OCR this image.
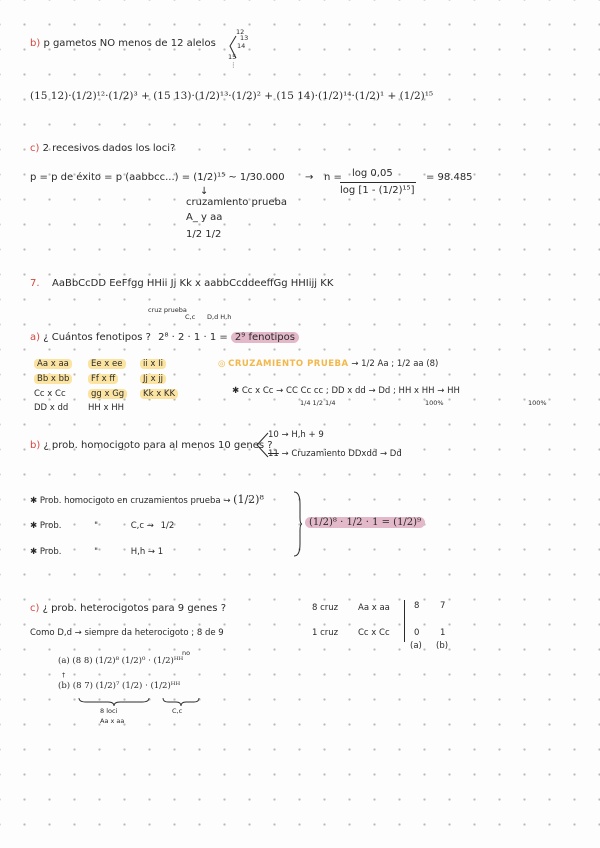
b) p gametos NO menos de 12 alelos
12
13
14
15
⋮
(15 12)·(1/2)¹²·(1/2)³ + (15 13)·(1/2)¹³·(1/2)² + (15 14)·(1/2)¹⁴·(1/2)¹ + (1/2)¹⁵
c) 2 recesivos dados los loci?
p = p de éxito = p (aabbcc...) = (1/2)¹⁵ ~ 1/30.000
↓
cruzamiento prueba
A_ y aa
1/2 1/2
→ n = log 0,05
log [1 - (1/2)¹⁵]
= 98.485
7. AaBbCcDD EeFfgg HHii Jj Kk x aabbCcddeeffGg HHIijj KK
cruz prueba
C,c D,d H,h
a) ¿ Cuántos fenotipos ? 2⁸ · 2 · 1 · 1 = 2⁹ fenotipos
Aa x aa	Ee x ee	ii x Ii
Bb x bb	Ff x ff	Jj x jj
Cc x Cc	gg x Gg	Kk x KK
DD x dd HH x HH
◎ CRUZAMIENTO PRUEBA → 1/2 Aa ; 1/2 aa (8)
✱ Cc x Cc → CC Cc cc ; DD x dd → Dd ; HH x HH → HH
1/4 1/2 1/4	100%	100%
b) ¿ prob. homocigoto para al menos 10 genes ?
10 → H,h + 9
11 → Cruzamiento DDxdd → Dd
✱ Prob. homocigoto en cruzamientos prueba → (1/2)⁸
✱ Prob.	"	C,c → 1/2
✱ Prob.	"	H,h → 1
(1/2)⁸ · 1/2 · 1 = (1/2)⁹
c) ¿ prob. heterocigotos para 9 genes ?
Como D,d → siempre da heterocigoto ; 8 de 9
8 cruz Aa x aa	8 7
1 cruz Cc x Cc	0 1
(a) (b)
no
(a) (8 8) (1/2)⁸ (1/2)⁰ · (1/2)ᴴᴴ
†
(b) (8 7) (1/2)⁷ (1/2) · (1/2)ᴴᴴ
8 loci
Aa x aa
C,c
